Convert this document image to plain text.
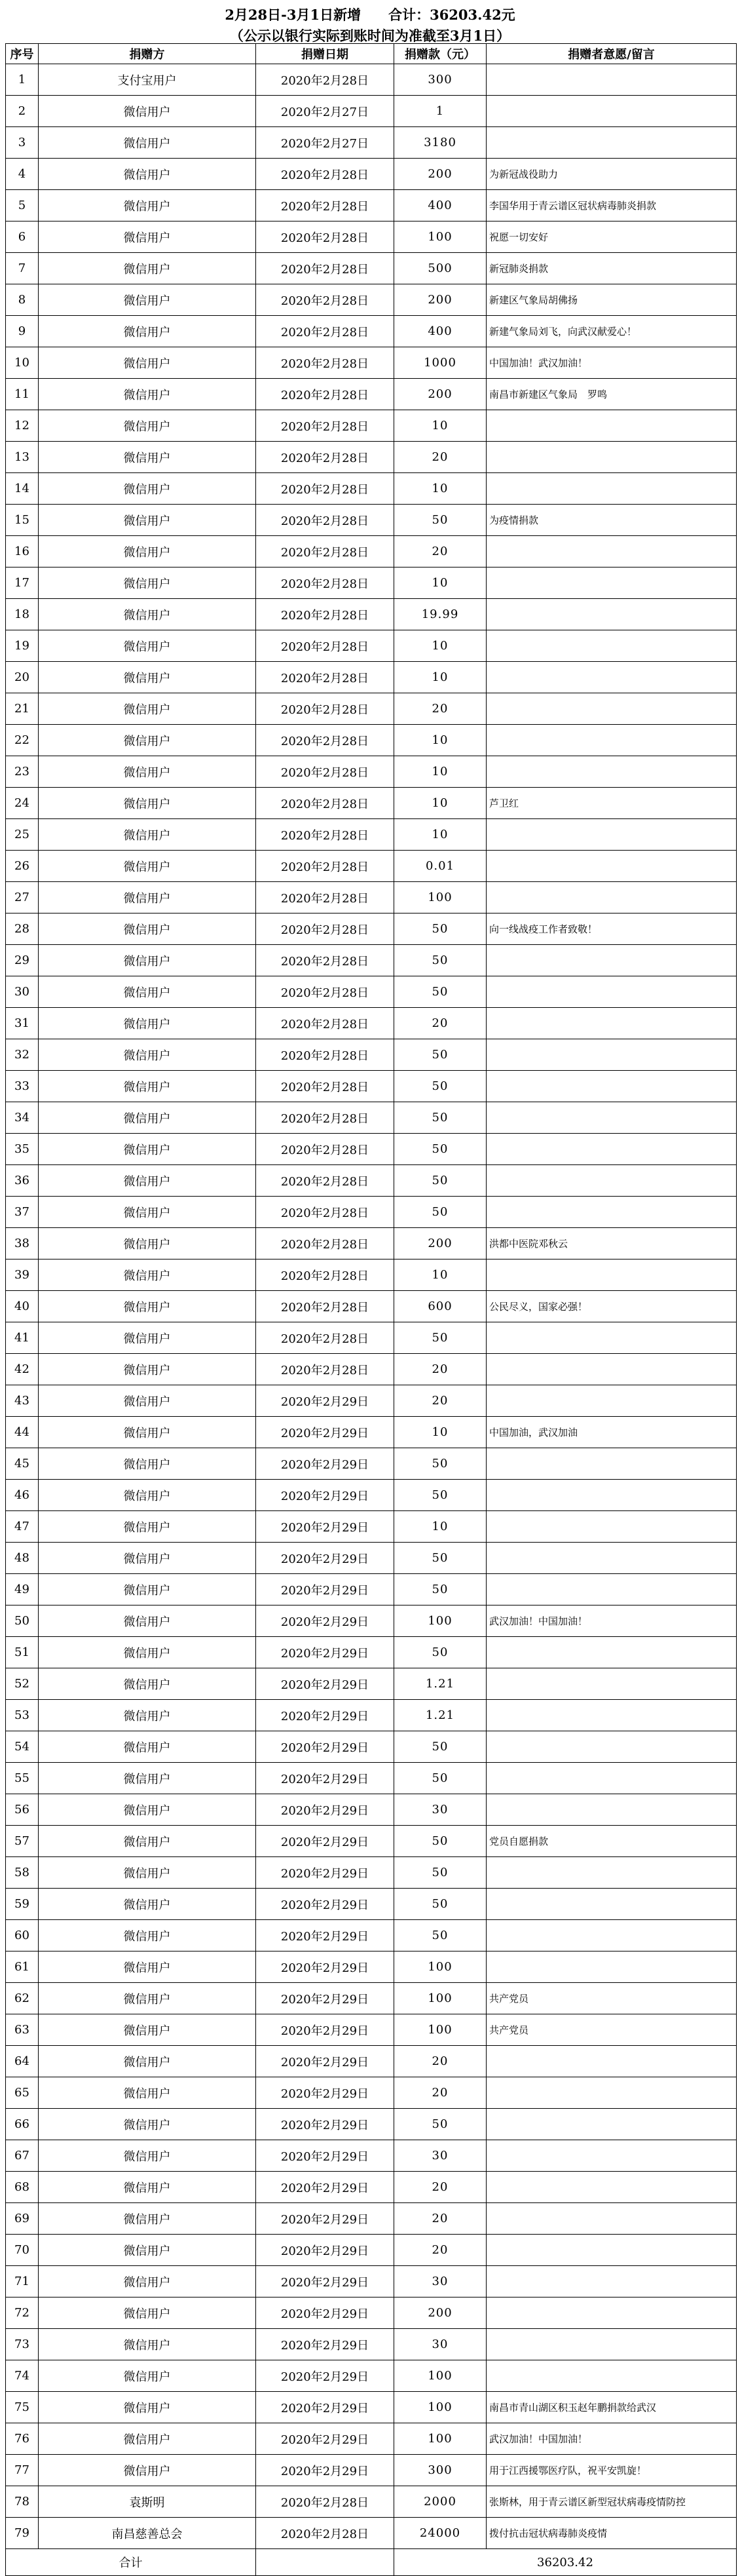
2月28日-3月1日新增　　合计：36203.42元
（公示以银行实际到账时间为准截至3月1日）
序号	捐赠方	捐赠日期	捐赠款（元）	捐赠者意愿/留言
1	支付宝用户	2020年2月28日	300	
2	微信用户	2020年2月27日	1	
3	微信用户	2020年2月27日	3180	
4	微信用户	2020年2月28日	200	为新冠战役助力
5	微信用户	2020年2月28日	400	李国华用于青云谱区冠状病毒肺炎捐款
6	微信用户	2020年2月28日	100	祝愿一切安好
7	微信用户	2020年2月28日	500	新冠肺炎捐款
8	微信用户	2020年2月28日	200	新建区气象局胡佛扬
9	微信用户	2020年2月28日	400	新建气象局刘飞，向武汉献爱心！
10	微信用户	2020年2月28日	1000	中国加油！武汉加油！
11	微信用户	2020年2月28日	200	南昌市新建区气象局　罗鸣
12	微信用户	2020年2月28日	10	
13	微信用户	2020年2月28日	20	
14	微信用户	2020年2月28日	10	
15	微信用户	2020年2月28日	50	为疫情捐款
16	微信用户	2020年2月28日	20	
17	微信用户	2020年2月28日	10	
18	微信用户	2020年2月28日	19.99	
19	微信用户	2020年2月28日	10	
20	微信用户	2020年2月28日	10	
21	微信用户	2020年2月28日	20	
22	微信用户	2020年2月28日	10	
23	微信用户	2020年2月28日	10	
24	微信用户	2020年2月28日	10	芦卫红
25	微信用户	2020年2月28日	10	
26	微信用户	2020年2月28日	0.01	
27	微信用户	2020年2月28日	100	
28	微信用户	2020年2月28日	50	向一线战疫工作者致敬！
29	微信用户	2020年2月28日	50	
30	微信用户	2020年2月28日	50	
31	微信用户	2020年2月28日	20	
32	微信用户	2020年2月28日	50	
33	微信用户	2020年2月28日	50	
34	微信用户	2020年2月28日	50	
35	微信用户	2020年2月28日	50	
36	微信用户	2020年2月28日	50	
37	微信用户	2020年2月28日	50	
38	微信用户	2020年2月28日	200	洪都中医院邓秋云
39	微信用户	2020年2月28日	10	
40	微信用户	2020年2月28日	600	公民尽义，国家必强！
41	微信用户	2020年2月28日	50	
42	微信用户	2020年2月28日	20	
43	微信用户	2020年2月29日	20	
44	微信用户	2020年2月29日	10	中国加油，武汉加油
45	微信用户	2020年2月29日	50	
46	微信用户	2020年2月29日	50	
47	微信用户	2020年2月29日	10	
48	微信用户	2020年2月29日	50	
49	微信用户	2020年2月29日	50	
50	微信用户	2020年2月29日	100	武汉加油！中国加油！
51	微信用户	2020年2月29日	50	
52	微信用户	2020年2月29日	1.21	
53	微信用户	2020年2月29日	1.21	
54	微信用户	2020年2月29日	50	
55	微信用户	2020年2月29日	50	
56	微信用户	2020年2月29日	30	
57	微信用户	2020年2月29日	50	党员自愿捐款
58	微信用户	2020年2月29日	50	
59	微信用户	2020年2月29日	50	
60	微信用户	2020年2月29日	50	
61	微信用户	2020年2月29日	100	
62	微信用户	2020年2月29日	100	共产党员
63	微信用户	2020年2月29日	100	共产党员
64	微信用户	2020年2月29日	20	
65	微信用户	2020年2月29日	20	
66	微信用户	2020年2月29日	50	
67	微信用户	2020年2月29日	30	
68	微信用户	2020年2月29日	20	
69	微信用户	2020年2月29日	20	
70	微信用户	2020年2月29日	20	
71	微信用户	2020年2月29日	30	
72	微信用户	2020年2月29日	200	
73	微信用户	2020年2月29日	30	
74	微信用户	2020年2月29日	100	
75	微信用户	2020年2月29日	100	南昌市青山湖区积玉赵年鹏捐款给武汉
76	微信用户	2020年2月29日	100	武汉加油！中国加油！
77	微信用户	2020年2月29日	300	用于江西援鄂医疗队，祝平安凯旋！
78	袁斯明	2020年2月28日	2000	张斯林，用于青云谱区新型冠状病毒疫情防控
79	南昌慈善总会	2020年2月28日	24000	拨付抗击冠状病毒肺炎疫情
合计			36203.42	
